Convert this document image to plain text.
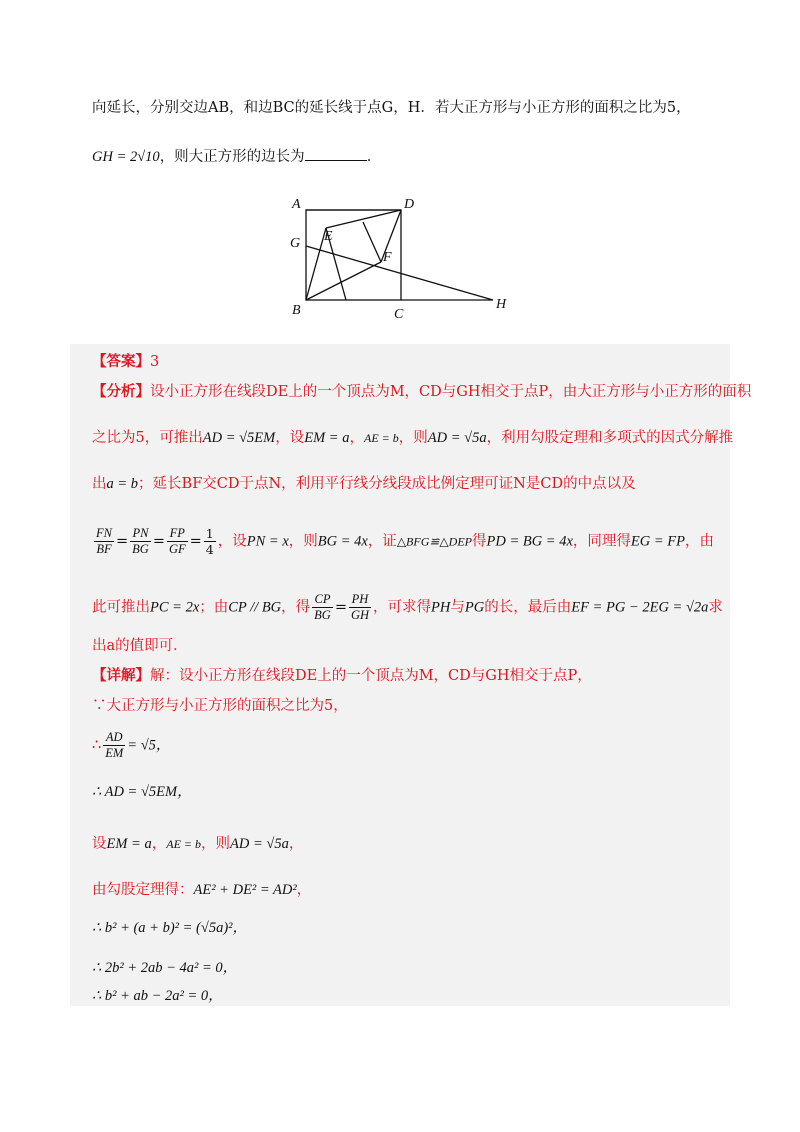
向延长，分别交边AB，和边BC的延长线于点G，H．若大正方形与小正方形的面积之比为5，
GH = 2√10，则大正方形的边长为	．
A	D
G E
F
B	C
H
【答案】3
【分析】设小正方形在线段DE上的一个顶点为M，CD与GH相交于点P，由大正方形与小正方形的面积
之比为5，可推出AD = √5EM，设EM = a，AE = b，则AD = √5a，利用勾股定理和多项式的因式分解推
出a = b；延长BF交CD于点N，利用平行线分线段成比例定理可证N是CD的中点以及
$\frac{FN}{BF} = \frac{PN}{BG} = \frac{FP}{GF} = \frac{1}{4}$ ，设PN = x，则BG = 4x，证△BFG≌△DEP得PD = BG = 4x，同理得EG = FP，由
此可推出PC = 2x；由CP // BG，得 $\frac{CP}{BG} = \frac{PH}{GH}$ ，可求得PH与PG的长，最后由EF = PG − 2EG = √2a求
出a的值即可．
【详解】解：设小正方形在线段DE上的一个顶点为M，CD与GH相交于点P，
∵大正方形与小正方形的面积之比为5，
∴ $\frac{AD}{EM} = √5$，
∴ AD = √5EM，
设EM = a，AE = b，则AD = √5a，
由勾股定理得：AE² + DE² = AD²，
∴ b² + (a + b)² = (√5a)²，
∴ 2b² + 2ab − 4a² = 0，
∴ b² + ab − 2a² = 0，
